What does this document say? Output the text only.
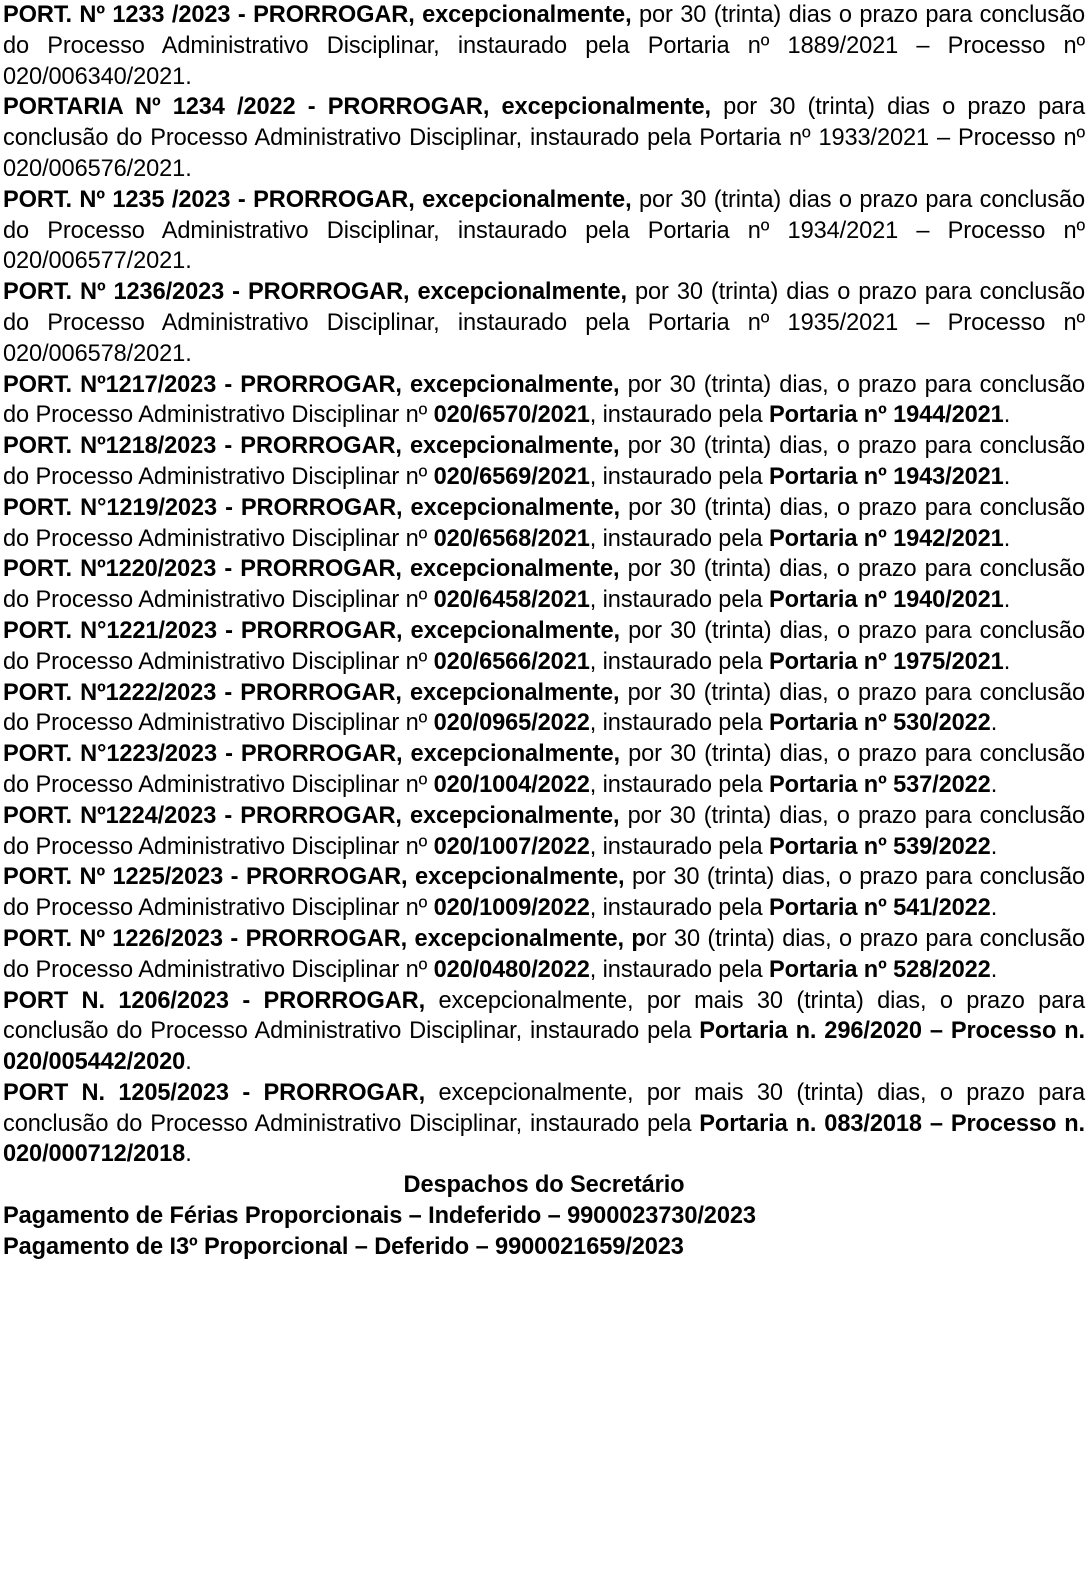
PORT. Nº 1233 /2023 - PRORROGAR, excepcionalmente, por 30 (trinta) dias o prazo para conclusão do Processo Administrativo Disciplinar, instaurado pela Portaria nº 1889/2021 – Processo nº 020/006340/2021.

PORTARIA Nº 1234 /2022 - PRORROGAR, excepcionalmente, por 30 (trinta) dias o prazo para conclusão do Processo Administrativo Disciplinar, instaurado pela Portaria nº 1933/2021 – Processo nº 020/006576/2021.

PORT. Nº 1235 /2023 - PRORROGAR, excepcionalmente, por 30 (trinta) dias o prazo para conclusão do Processo Administrativo Disciplinar, instaurado pela Portaria nº 1934/2021 – Processo nº 020/006577/2021.

PORT. Nº 1236/2023 - PRORROGAR, excepcionalmente, por 30 (trinta) dias o prazo para conclusão do Processo Administrativo Disciplinar, instaurado pela Portaria nº 1935/2021 – Processo nº 020/006578/2021.

PORT. Nº1217/2023 - PRORROGAR, excepcionalmente, por 30 (trinta) dias, o prazo para conclusão do Processo Administrativo Disciplinar nº 020/6570/2021, instaurado pela Portaria nº 1944/2021.

PORT. Nº1218/2023 - PRORROGAR, excepcionalmente, por 30 (trinta) dias, o prazo para conclusão do Processo Administrativo Disciplinar nº 020/6569/2021, instaurado pela Portaria nº 1943/2021.

PORT. N°1219/2023 - PRORROGAR, excepcionalmente, por 30 (trinta) dias, o prazo para conclusão do Processo Administrativo Disciplinar nº 020/6568/2021, instaurado pela Portaria nº 1942/2021.

PORT. Nº1220/2023 - PRORROGAR, excepcionalmente, por 30 (trinta) dias, o prazo para conclusão do Processo Administrativo Disciplinar nº 020/6458/2021, instaurado pela Portaria nº 1940/2021.

PORT. N°1221/2023 - PRORROGAR, excepcionalmente, por 30 (trinta) dias, o prazo para conclusão do Processo Administrativo Disciplinar nº 020/6566/2021, instaurado pela Portaria nº 1975/2021.

PORT. Nº1222/2023 - PRORROGAR, excepcionalmente, por 30 (trinta) dias, o prazo para conclusão do Processo Administrativo Disciplinar nº 020/0965/2022, instaurado pela Portaria nº 530/2022.

PORT. N°1223/2023 - PRORROGAR, excepcionalmente, por 30 (trinta) dias, o prazo para conclusão do Processo Administrativo Disciplinar nº 020/1004/2022, instaurado pela Portaria nº 537/2022.

PORT. Nº1224/2023 - PRORROGAR, excepcionalmente, por 30 (trinta) dias, o prazo para conclusão do Processo Administrativo Disciplinar nº 020/1007/2022, instaurado pela Portaria nº 539/2022.

PORT. Nº 1225/2023 - PRORROGAR, excepcionalmente, por 30 (trinta) dias, o prazo para conclusão do Processo Administrativo Disciplinar nº 020/1009/2022, instaurado pela Portaria nº 541/2022.

PORT. Nº 1226/2023 - PRORROGAR, excepcionalmente, por 30 (trinta) dias, o prazo para conclusão do Processo Administrativo Disciplinar nº 020/0480/2022, instaurado pela Portaria nº 528/2022.

PORT N. 1206/2023 - PRORROGAR, excepcionalmente, por mais 30 (trinta) dias, o prazo para conclusão do Processo Administrativo Disciplinar, instaurado pela Portaria n. 296/2020 – Processo n. 020/005442/2020.

PORT N. 1205/2023 - PRORROGAR, excepcionalmente, por mais 30 (trinta) dias, o prazo para conclusão do Processo Administrativo Disciplinar, instaurado pela Portaria n. 083/2018 – Processo n. 020/000712/2018.

Despachos do Secretário

Pagamento de Férias Proporcionais – Indeferido – 9900023730/2023

Pagamento de I3º Proporcional – Deferido – 9900021659/2023
